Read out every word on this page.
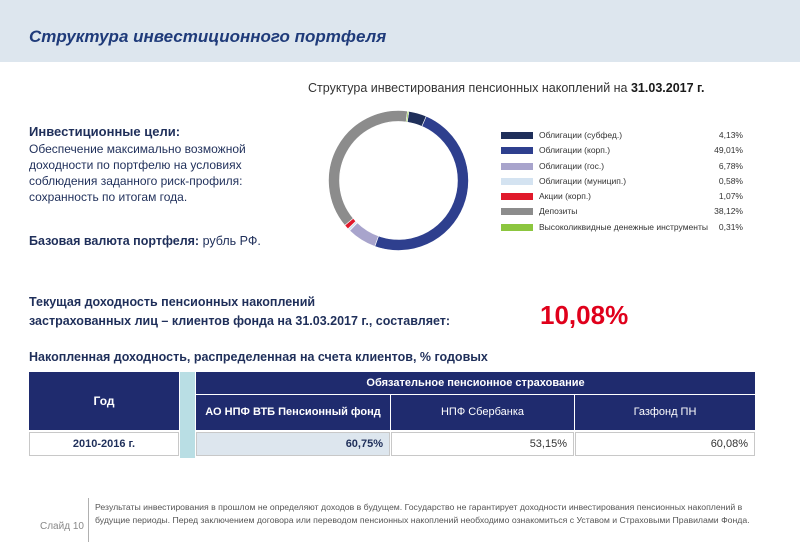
Структура инвестиционного портфеля
Структура инвестирования пенсионных накоплений на 31.03.2017 г.
Инвестиционные цели:
Обеспечение максимально возможной доходности по портфелю на условиях соблюдения заданного риск-профиля: сохранность по итогам года.
Базовая валюта портфеля: рубль РФ.
Облигации (субфед.)	4,13%
Облигации (корп.)	49,01%
Облигации (гос.)	6,78%
Облигации (муницип.)	0,58%
Акции (корп.)	1,07%
Депозиты	38,12%
Высоколиквидные денежные инструменты 0,31%
Текущая доходность пенсионных накоплений
застрахованных лиц – клиентов фонда на 31.03.2017 г., составляет:	10,08%
Накопленная доходность, распределенная на счета клиентов, % годовых
Год
Обязательное пенсионное страхование
АО НПФ ВТБ Пенсионный фонд	НПФ Сбербанка	Газфонд ПН
2010-2016 г.	60,75%	53,15%	60,08%
Слайд 10
Результаты инвестирования в прошлом не определяют доходов в будущем. Государство не гарантирует доходности инвестирования пенсионных накоплений в будущие периоды. Перед заключением договора или переводом пенсионных накоплений необходимо ознакомиться с Уставом и Страховыми Правилами Фонда.
